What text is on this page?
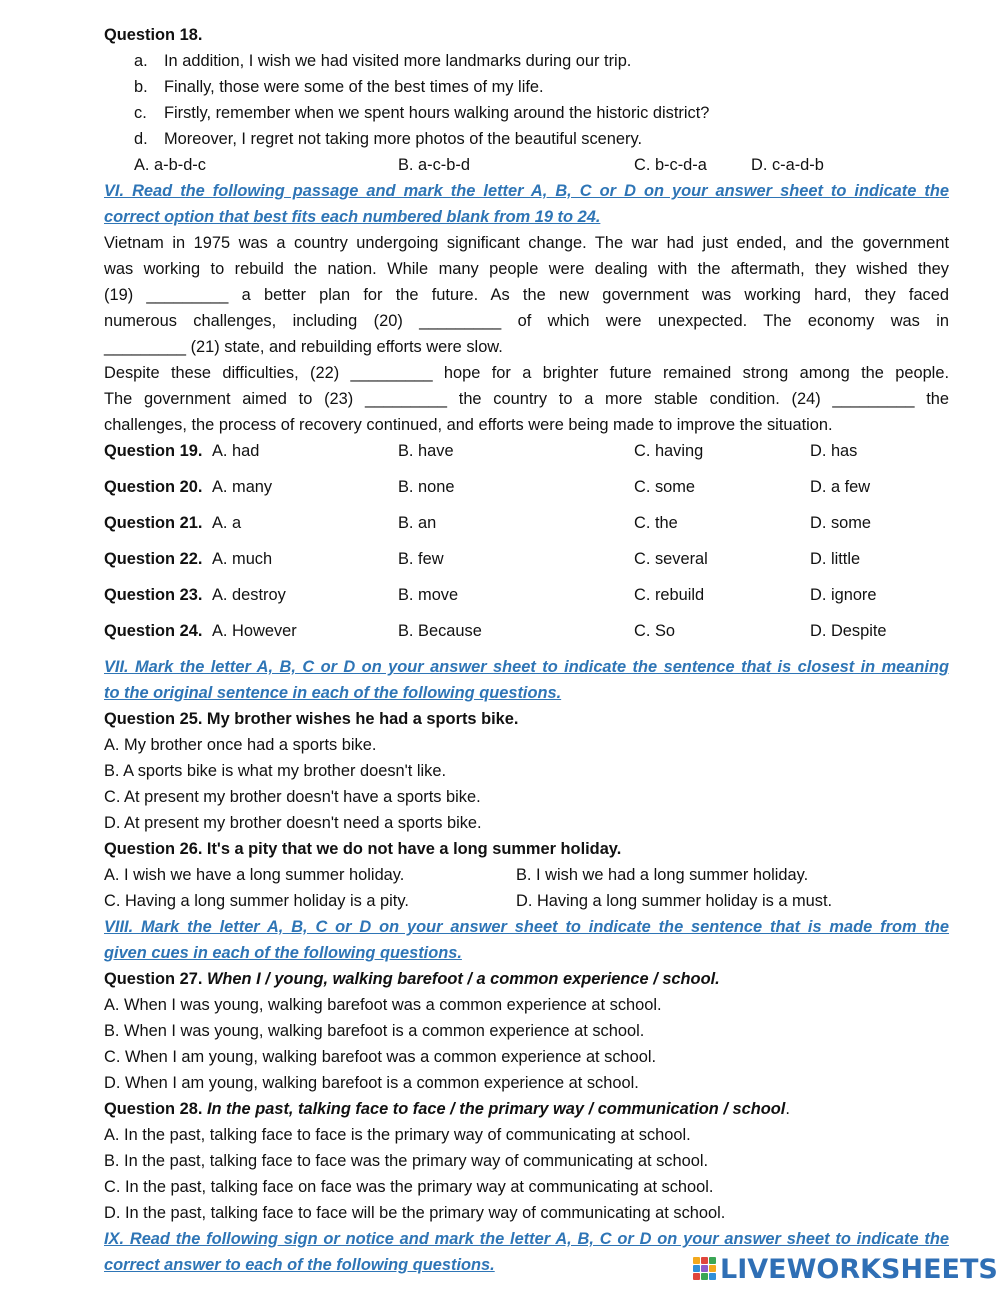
Question 18.
a. In addition, I wish we had visited more landmarks during our trip.
b. Finally, those were some of the best times of my life.
c. Firstly, remember when we spent hours walking around the historic district?
d. Moreover, I regret not taking more photos of the beautiful scenery.
A. a-b-d-c	B. a-c-b-d	C. b-c-d-a	D. c-a-d-b
VI. Read the following passage and mark the letter A, B, C or D on your answer sheet to indicate the
correct option that best fits each numbered blank from 19 to 24.
Vietnam in 1975 was a country undergoing significant change. The war had just ended, and the government
was working to rebuild the nation. While many people were dealing with the aftermath, they wished they
(19) _________ a better plan for the future. As the new government was working hard, they faced
numerous challenges, including (20) _________ of which were unexpected. The economy was in
_________ (21) state, and rebuilding efforts were slow.
Despite these difficulties, (22) _________ hope for a brighter future remained strong among the people.
The government aimed to (23) _________ the country to a more stable condition. (24) _________ the
challenges, the process of recovery continued, and efforts were being made to improve the situation.
Question 19. A. had	B. have	C. having	D. has
Question 20. A. many	B. none	C. some	D. a few
Question 21. A. a	B. an	C. the	D. some
Question 22. A. much	B. few	C. several	D. little
Question 23. A. destroy	B. move	C. rebuild	D. ignore
Question 24. A. However	B. Because	C. So	D. Despite
VII. Mark the letter A, B, C or D on your answer sheet to indicate the sentence that is closest in meaning
to the original sentence in each of the following questions.
Question 25. My brother wishes he had a sports bike.
A. My brother once had a sports bike.
B. A sports bike is what my brother doesn't like.
C. At present my brother doesn't have a sports bike.
D. At present my brother doesn't need a sports bike.
Question 26. It's a pity that we do not have a long summer holiday.
A. I wish we have a long summer holiday.	B. I wish we had a long summer holiday.
C. Having a long summer holiday is a pity.	D. Having a long summer holiday is a must.
VIII. Mark the letter A, B, C or D on your answer sheet to indicate the sentence that is made from the
given cues in each of the following questions.
Question 27. When I / young, walking barefoot / a common experience / school.
A. When I was young, walking barefoot was a common experience at school.
B. When I was young, walking barefoot is a common experience at school.
C. When I am young, walking barefoot was a common experience at school.
D. When I am young, walking barefoot is a common experience at school.
Question 28. In the past, talking face to face / the primary way / communication / school.
A. In the past, talking face to face is the primary way of communicating at school.
B. In the past, talking face to face was the primary way of communicating at school.
C. In the past, talking face on face was the primary way at communicating at school.
D. In the past, talking face to face will be the primary way of communicating at school.
IX. Read the following sign or notice and mark the letter A, B, C or D on your answer sheet to indicate the
correct answer to each of the following questions.	LIVEWORKSHEETS
